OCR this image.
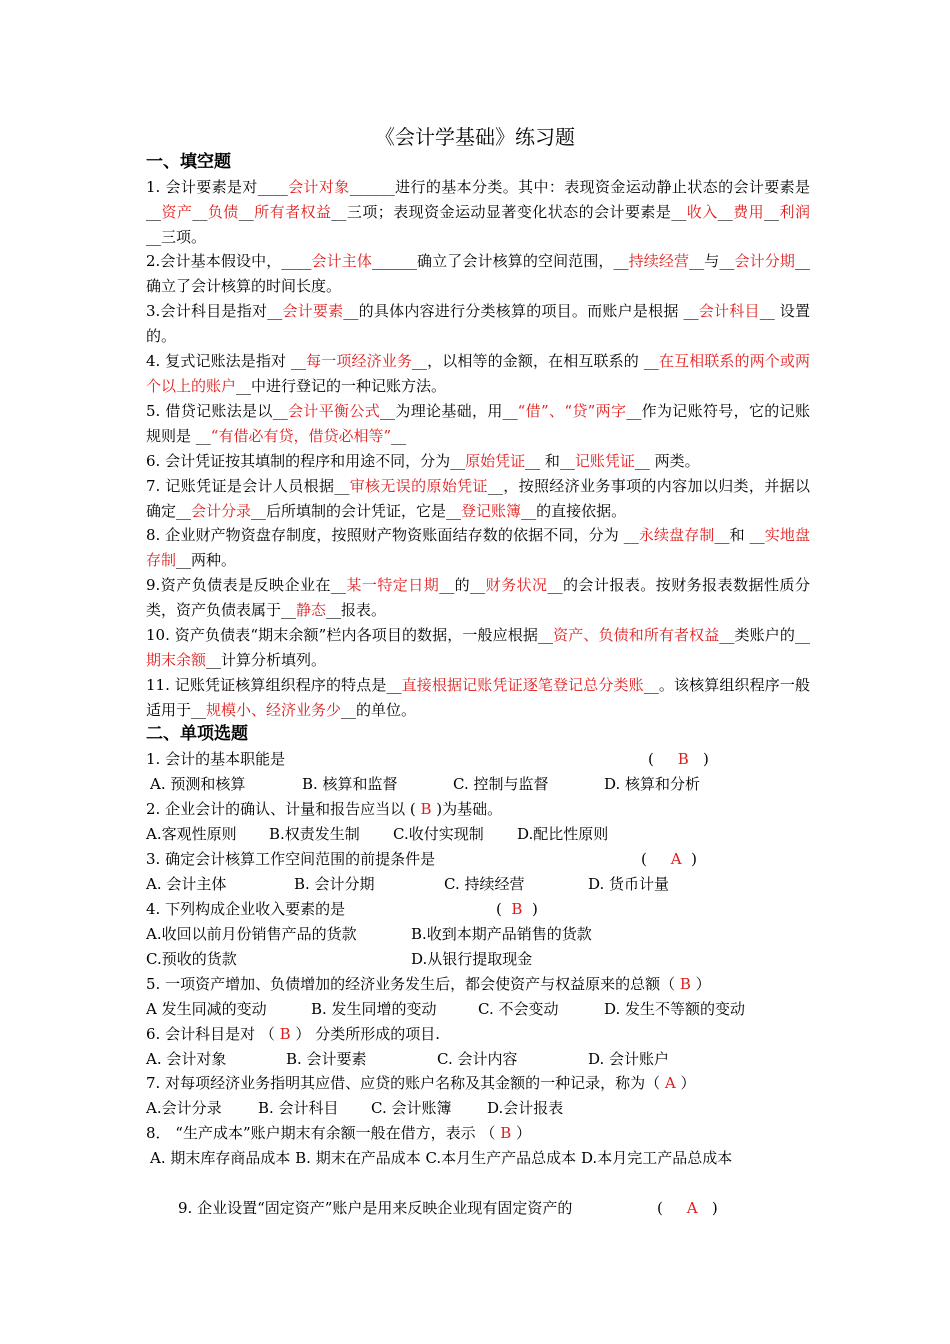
《会计学基础》练习题
一、填空题
1. 会计要素是对____会计对象______进行的基本分类。其中：表现资金运动静止状态的会计要素是__资产__负债__所有者权益__三项；表现资金运动显著变化状态的会计要素是__收入__费用__利润 __三项。
2.会计基本假设中，____会计主体______确立了会计核算的空间范围，__持续经营__与__会计分期__ 确立了会计核算的时间长度。
3.会计科目是指对__会计要素__的具体内容进行分类核算的项目。而账户是根据 __会计科目__ 设置的。
4. 复式记账法是指对 __每一项经济业务__，以相等的金额，在相互联系的 __在互相联系的两个或两个以上的账户__中进行登记的一种记账方法。
5. 借贷记账法是以__会计平衡公式__为理论基础，用__“借”、“贷”两字__作为记账符号，它的记账规则是 __“有借必有贷，借贷必相等”__
6. 会计凭证按其填制的程序和用途不同，分为__原始凭证__ 和__记账凭证__ 两类。
7. 记账凭证是会计人员根据__审核无误的原始凭证__，按照经济业务事项的内容加以归类，并据以确定__会计分录__后所填制的会计凭证，它是__登记账簿__的直接依据。
8. 企业财产物资盘存制度，按照财产物资账面结存数的依据不同，分为 __永续盘存制__和 __实地盘存制__两种。
9.资产负债表是反映企业在__某一特定日期__的__财务状况__的会计报表。按财务报表数据性质分类，资产负债表属于__静态__报表。
10. 资产负债表“期末余额”栏内各项目的数据，一般应根据__资产、负债和所有者权益__类账户的__期末余额__计算分析填列。
11. 记账凭证核算组织程序的特点是__直接根据记账凭证逐笔登记总分类账__。该核算组织程序一般适用于__规模小、经济业务少__的单位。
二、单项选题
1. 会计的基本职能是	(     B   )
A. 预测和核算	B. 核算和监督	C. 控制与监督	D. 核算和分析
2. 企业会计的确认、计量和报告应当以 ( B )为基础。
A.客观性原则 B.权责发生制 C.收付实现制 D.配比性原则
3. 确定会计核算工作空间范围的前提条件是	(     A  )
A. 会计主体	B. 会计分期	C. 持续经营	D. 货币计量
4. 下列构成企业收入要素的是	(  B  )
A.收回以前月份销售产品的货款	B.收到本期产品销售的货款
C.预收的货款	D.从银行提取现金
5. 一项资产增加、负债增加的经济业务发生后，都会使资产与权益原来的总额（ B ）
A 发生同减的变动	B. 发生同增的变动	C. 不会变动	D. 发生不等额的变动
6. 会计科目是对 （ B ） 分类所形成的项目.
A. 会计对象	B. 会计要素	C. 会计内容	D. 会计账户
7. 对每项经济业务指明其应借、应贷的账户名称及其金额的一种记录，称为（ A ）
A.会计分录 B. 会计科目 C. 会计账簿 D.会计报表
8． “生产成本”账户期末有余额一般在借方，表示 （ B ）
A. 期末库存商品成本 B. 期末在产品成本 C.本月生产产品总成本 D.本月完工产品总成本
9. 企业设置“固定资产”账户是用来反映企业现有固定资产的	(     A   )
